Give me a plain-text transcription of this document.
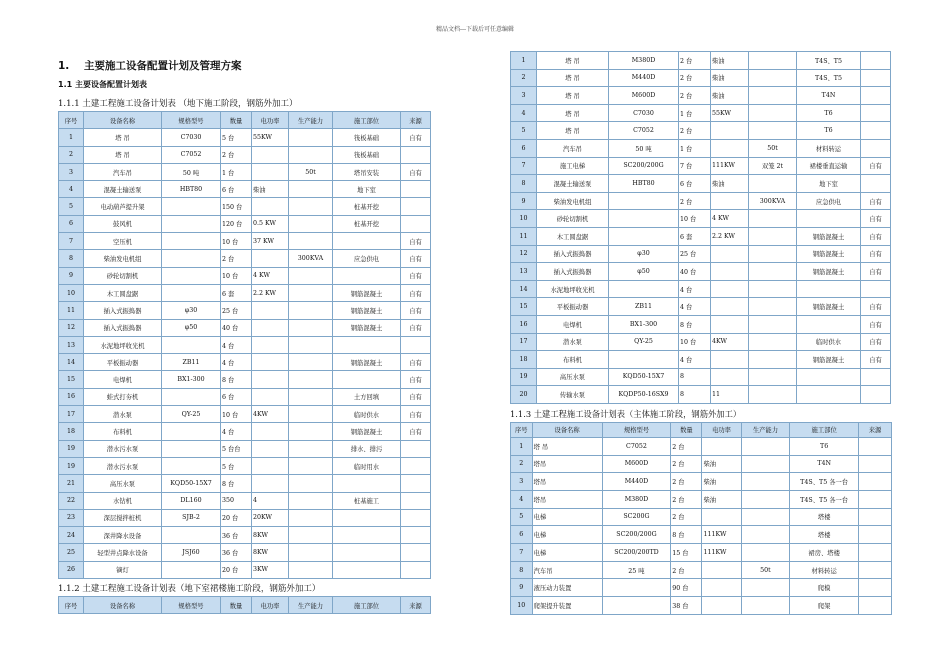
精品文档---下载后可任意编辑
1. 主要施工设备配置计划及管理方案
1.1 主要设备配置计划表
1.1.1 土建工程施工设备计划表 （地下施工阶段，钢筋外加工）
序号	设备名称	规格型号	数量	电功率	生产能力	施工部位	来源
1	塔 吊	C7030	5 台	55KW		筏板基础	自有
2	塔 吊	C7052	2 台			筏板基础	
3	汽车吊	50 吨	1 台		50t	塔吊安装	自有
4	混凝土输送泵	HBT80	6 台	柴油		地下室	
5	电动葫芦提升架		150 台			桩基开挖	
6	鼓风机		120 台	0.5 KW		桩基开挖	
7	空压机		10 台	37 KW			自有
8	柴油发电机组		2 台		300KVA	应急供电	自有
9	砂轮切割机		10 台	4 KW			自有
10	木工圆盘踞		6 套	2.2 KW		钢筋混凝土	自有
11	插入式振捣器	φ30	25 台			钢筋混凝土	自有
12	插入式振捣器	φ50	40 台			钢筋混凝土	自有
13	水泥地坪收光机		4 台				
14	平板振动器	ZB11	4 台			钢筋混凝土	自有
15	电焊机	BX1-300	8 台				自有
16	蛙式打夯机		6 台			土方回填	自有
17	潜水泵	QY-25	10 台	4KW		临时供水	自有
18	布料机		4 台			钢筋混凝土	自有
19	潜水污水泵		5 台台			排水、排污	
19	潜水污水泵		5 台			临时用水	
21	高压水泵	KQD50-15X7	8 台				
22	水钻机	DL160	350	4		桩基施工	
23	深层搅拌桩机	SJB-2	20 台	20KW			
24	深井降水设备		36 台	8KW			
25	轻型井点降水设备	JSJ60	36 台	8KW			
26	镝灯		20 台	3KW			
1.1.2 土建工程施工设备计划表（地下室裙楼施工阶段，钢筋外加工）
序号	设备名称	规格型号	数量	电功率	生产能力	施工部位	来源
1	塔 吊	M380D	2 台	柴油		T4S、T5	
2	塔 吊	M440D	2 台	柴油		T4S、T5	
3	塔 吊	M600D	2 台	柴油		T4N	
4	塔 吊	C7030	1 台	55KW		T6	
5	塔 吊	C7052	2 台			T6	
6	汽车吊	50 吨	1 台		50t	材料转运	
7	施工电梯	SC200/200G	7 台	111KW	双笼 2t	裙楼垂直运输	自有
8	混凝土输送泵	HBT80	6 台	柴油		地下室	
9	柴油发电机组		2 台		300KVA	应急供电	自有
10	砂轮切割机		10 台	4 KW			自有
11	木工圆盘踞		6 套	2.2 KW		钢筋混凝土	自有
12	插入式振捣器	φ30	25 台			钢筋混凝土	自有
13	插入式振捣器	φ50	40 台			钢筋混凝土	自有
14	水泥地坪收光机		4 台				
15	平板振动器	ZB11	4 台			钢筋混凝土	自有
16	电焊机	BX1-300	8 台				自有
17	潜水泵	QY-25	10 台	4KW		临时供水	自有
18	布料机		4 台			钢筋混凝土	自有
19	高压水泵	KQD50-15X7	8				
20	传输水泵	KQDP50-16SX9	8	11			
1.1.3 土建工程施工设备计划表（主体施工阶段，钢筋外加工）
序号	设备名称	规格型号	数量	电功率	生产能力	施工部位	来源
1	塔 吊	C7052	2 台			T6	
2	塔吊	M600D	2 台	柴油		T4N	
3	塔吊	M440D	2 台	柴油		T4S、T5 各一台	
4	塔吊	M380D	2 台	柴油		T4S、T5 各一台	
5	电梯	SC200G	2 台			塔楼	
6	电梯	SC200/200G	8 台	111KW		塔楼	
7	电梯	SC200/200TD	15 台	111KW		裙房、塔楼	
8	汽车吊	25 吨	2 台		50t	材料转运	
9	液压动力装置		90 台			爬模	
10	爬架提升装置		38 台			爬架	
